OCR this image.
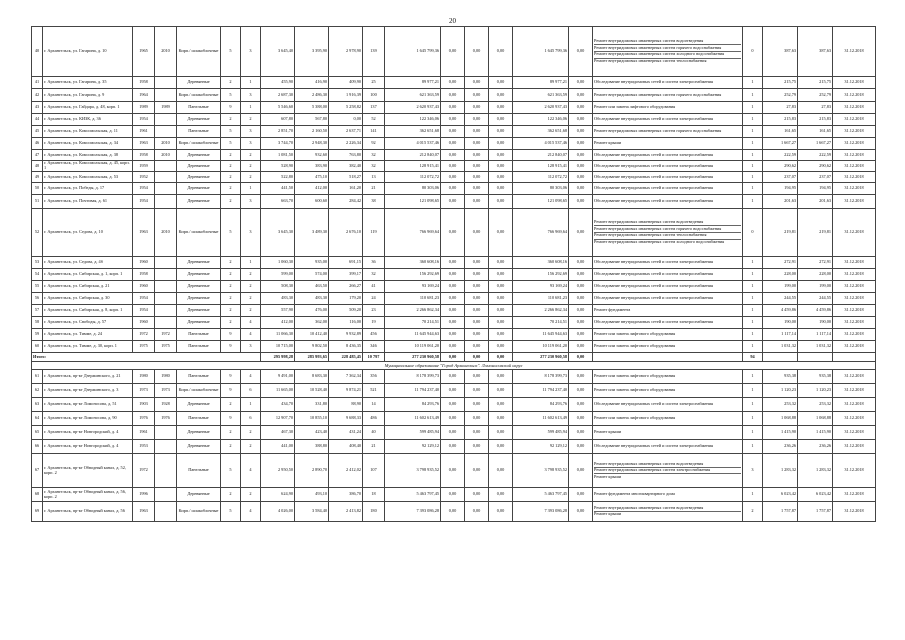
20
40	г. Архангельск, ул. Гагарина, д. 10	1965	2010	Кирп./ шлакоблочные	5	3	3 645,40	3 395,90	2 978,90	139	1 645 799,36	0,00	0,00	0,00	1 645 799,36	0,00	Ремонт внутридомовых инженерных систем водоотведения
Ремонт внутридомовых инженерных систем горячего водоснабжения
Ремонт внутридомовых инженерных систем холодного водоснабжения
Ремонт внутридомовых инженерных систем теплоснабжения	0	387,63	387,63	31.12.2018
41	г. Архангельск, ул. Гагарина, д. 35	1958		Деревянные	2	1	455,90	416,90	409,90	25	89 977,21	0,00	0,00	0,00	89 977,21	0,00	Обследование внутридомовых сетей и систем электроснабжения	1	215,75	215,75	31.12.2018
42	г. Архангельск, ул. Гагарина, д. 9	1964		Кирп./ шлакоблочные	5	3	2 687,30	2 486,30	1 916,39	100	621 363,59	0,00	0,00	0,00	621 363,59	0,00	Ремонт внутридомовых инженерных систем горячего водоснабжения	1	252,79	252,79	31.12.2018
43	г. Архангельск, ул. Гайдара, д. 48, корп. 1	1989	1989	Панельные	9	1	5 546,60	5 388,00	5 258,82	137	2 620 937,43	0,00	0,00	0,00	2 620 937,43	0,00	Ремонт или замена лифтового оборудования	1	27,83	27,83	31.12.2018
44	г. Архангельск, ул. КИЗК, д. 36	1954		Деревянные	2	2	607,80	567,80	0,00	52	122 346,06	0,00	0,00	0,00	122 346,06	0,00	Обследование внутридомовых сетей и систем электроснабжения	1	215,83	215,83	31.12.2018
45	г. Архангельск, ул. Комсомольская, д. 11	1961		Панельные	5	3	2 851,70	2 160,50	2 637,71	141	362 651,68	0,00	0,00	0,00	362 651,68	0,00	Ремонт внутридомовых инженерных систем горячего водоснабжения	1	161,65	161,65	31.12.2018
46	г. Архангельск, ул. Комсомольская, д. 34	1963	2010	Кирп./ шлакоблочные	5	3	3 744,70	2 948,30	2 226,34	92	4 015 537,46	0,00	0,00	0,00	4 015 537,46	0,00	Ремонт крыши	1	1 667,27	1 667,27	31.12.2018
47	г. Архангельск, ул. Комсомольская, д. 38	1958	2010	Деревянные	2	2	1 081,50	932,60	763,80	32	212 840,07	0,00	0,00	0,00	212 840,07	0,00	Обследование внутридомовых сетей и систем электроснабжения	1	222,59	222,59	31.12.2018
48	г. Архангельск, ул. Комсомольская, д. 45, корп. 1	1959		Деревянные	2	2	528,90	383,90	382,40	32	128 915,41	0,00	0,00	0,00	128 915,41	0,00	Обследование внутридомовых сетей и систем электроснабжения	1	290,62	290,62	31.12.2018
49	г. Архангельск, ул. Комсомольская, д. 53	1952		Деревянные	2	2	522,80	475,10	518,27	13	112 072,72	0,00	0,00	0,00	112 072,72	0,00	Обследование внутридомовых сетей и систем электроснабжения	1	237,07	237,07	31.12.2018
50	г. Архангельск, ул. Победы, д. 17	1954		Деревянные	2	1	441,50	412,00	161,20	21	80 303,06	0,00	0,00	0,00	80 303,06	0,00	Обследование внутридомовых сетей и систем электроснабжения	1	194,95	194,95	31.12.2018
51	г. Архангельск, ул. Почтовая, д. 61	1954		Деревянные	2	3	663,70	600,60	284,42	38	121 098,65	0,00	0,00	0,00	121 098,65	0,00	Обследование внутридомовых сетей и систем электроснабжения	1	201,63	201,63	31.12.2018
52	г. Архангельск, ул. Седова, д. 10	1963	2010	Кирп./ шлакоблочные	5	3	3 645,30	3 489,30	2 676,10	119	766 969,64	0,00	0,00	0,00	766 969,64	0,00	Ремонт внутридомовых инженерных систем водоотведения
Ремонт внутридомовых инженерных систем горячего водоснабжения
Ремонт внутридомовых инженерных систем теплоснабжения
Ремонт внутридомовых инженерных систем холодного водоснабжения	0	219,81	219,81	31.12.2018
53	г. Архангельск, ул. Седова, д. 4б	1960		Деревянные	2	1	1 060,30	935,00	691,15	36	360 608,16	0,00	0,00	0,00	360 608,16	0,00	Обследование внутридомовых сетей и систем электроснабжения	1	272,91	272,91	31.12.2018
54	г. Архангельск, ул. Сибирская, д. 1, корп. 1	1958		Деревянные	2	2	599,00	574,00	399,17	32	156 292,69	0,00	0,00	0,00	156 292,69	0,00	Обследование внутридомовых сетей и систем электроснабжения	1	228,00	228,00	31.12.2018
55	г. Архангельск, ул. Сибирская, д. 21	1960		Деревянные	2	2	508,30	463,50	266,27	41	93 169,24	0,00	0,00	0,00	93 169,24	0,00	Обследование внутридомовых сетей и систем электроснабжения	1	199,00	199,00	31.12.2018
56	г. Архангельск, ул. Сибирская, д. 30	1954		Деревянные	2	2	483,30	483,30	179,20	24	110 681,23	0,00	0,00	0,00	110 681,23	0,00	Обследование внутридомовых сетей и систем электроснабжения	1	244,55	244,55	31.12.2018
57	г. Архангельск, ул. Сибирская, д. 8, корп. 1	1954		Деревянные	2	2	557,90	476,00	509,20	23	2 266 862,34	0,00	0,00	0,00	2 266 862,34	0,00	Ремонт фундамента	1	4 459,86	4 459,86	31.12.2018
58	г. Архангельск, ул. Свободы, д. 57	1960		Деревянные	2	4	412,00	362,00	116,00	19	70 214,51	0,00	0,00	0,00	70 214,51	0,00	Обследование внутридомовых сетей и систем электроснабжения	1	190,00	190,00	31.12.2018
59	г. Архангельск, ул. Тимме, д. 24	1972	1972	Панельные	9	4	11 066,30	10 412,40	9 932,89	456	11 645 944,63	0,00	0,00	0,00	11 645 944,63	0,00	Ремонт или замена лифтового оборудования	1	1 117,14	1 117,14	31.12.2018
60	г. Архангельск, ул. Тимме, д. 30, корп. 1	1975	1975	Панельные	9	3	10 715,00	9 802,50	8 436,35	346	10 119 061,20	0,00	0,00	0,00	10 119 061,20	0,00	Ремонт или замена лифтового оборудования	1	1 031,32	1 031,32	31.12.2018
Итого:							295 998,28	285 993,65	228 485,45	10 797	277 230 960,58	0,00	0,00	0,00	277 230 960,58	0,00		94			
Муниципальное образование "Город Архангельск". Ломоносовский округ																					
61	г. Архангельск, пр-кт Дзержинского, д. 21	1980	1980	Панельные	9	4	9 491,00	8 683,30	7 362,34	356	8 178 399,73	0,00	0,00	0,00	8 178 399,73	0,00	Ремонт или замена лифтового оборудования	1	935,38	935,38	31.12.2018
62	г. Архангельск, пр-кт Дзержинского, д. 3	1973	1973	Кирп./ шлакоблочные	9	6	11 665,00	10 528,40	9 874,21	521	11 794 237,40	0,00	0,00	0,00	11 794 237,40	0,00	Ремонт или замена лифтового оборудования	1	1 120,23	1 120,23	31.12.2018
63	г. Архангельск, пр-кт Ломоносова, д. 51	1903	1928	Деревянные	2	1	434,70	331,80	88,90	14	84 293,76	0,00	0,00	0,00	84 293,76	0,00	Обследование внутридомовых сетей и систем электроснабжения	1	253,32	253,32	31.12.2018
64	г. Архангельск, пр-кт Ломоносова, д. 90	1976	1976	Панельные	9	6	12 907,70	10 855,10	9 688,33	486	11 602 613,49	0,00	0,00	0,00	11 602 613,49	0,00	Ремонт или замена лифтового оборудования	1	1 068,88	1 068,88	31.12.2018
65	г. Архангельск, пр-кт Новгородский, д. 4	1961		Деревянные	2	2	467,30	423,40	431,24	40	599 485,94	0,00	0,00	0,00	599 485,94	0,00	Ремонт крыши	1	1 415,90	1 415,90	31.12.2018
66	г. Архангельск, пр-кт Новгородский, д. 4	1953		Деревянные	2	2	441,00	388,80	408,40	21	92 129,12	0,00	0,00	0,00	92 129,12	0,00	Обследование внутридомовых сетей и систем электроснабжения	1	236,26	236,26	31.12.2018
67	г. Архангельск, пр-кт Обводный канал, д. 52, корп. 2	1972		Панельные	5	4	2 950,50	2 890,70	2 412,02	107	3 798 935,52	0,00	0,00	0,00	3 798 935,52	0,00	Ремонт внутридомовых инженерных систем водоотведения
Ремонт внутридомовых инженерных систем электроснабжения
Ремонт крыши	3	1 283,32	1 283,32	31.12.2018
68	г. Архангельск, пр-кт Обводный канал, д. 56, корп. 2	1996		Деревянные	2	2	624,90	493,10	386,70	18	5 463 797,45	0,00	0,00	0,00	5 463 797,45	0,00	Ремонт фундамента многоквартирного дома	1	6 023,42	6 023,42	31.12.2018
69	г. Архангельск, пр-кт Обводный канал, д. 56	1963		Кирп./ шлакоблочные	5	4	4 026,00	3 584,40	2 413,82	180	7 393 086,28	0,00	0,00	0,00	7 393 086,28	0,00	Ремонт внутридомовых инженерных систем водоотведения
Ремонт крыши	2	1 757,87	1 757,87	31.12.2018
